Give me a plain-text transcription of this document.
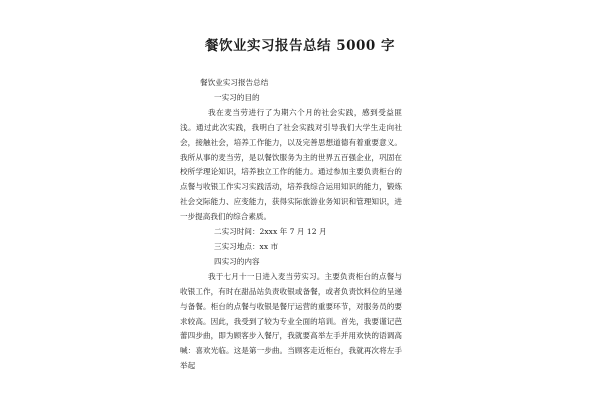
餐饮业实习报告总结 5000 字

餐饮业实习报告总结

一实习的目的

我在麦当劳进行了为期六个月的社会实践，感到受益匪浅。通过此次实践，我明白了社会实践对引导我们大学生走向社会，接触社会，培养工作能力，以及完善思想道德有着重要意义。我所从事的麦当劳，是以餐饮服务为主的世界五百强企业，巩固在校所学理论知识，培养独立工作的能力。通过参加主要负责柜台的点餐与收银工作实习实践活动，培养我综合运用知识的能力，锻炼社会交际能力、应变能力，获得实际旅游业务知识和管理知识，进一步提高我们的综合素质。

二实习时间：2xxx 年 7 月 12 月

三实习地点：xx 市

四实习的内容

我于七月十一日进入麦当劳实习。主要负责柜台的点餐与收银工作，有时在甜品站负责收银或备餐，或者负责饮料位的呈递与备餐。柜台的点餐与收银是餐厅运营的重要环节，对服务员的要求较高。因此，我受到了较为专业全面的培训。首先，我要谨记芭蕾四步曲，即为顾客步入餐厅，我就要高举左手并用欢快的语调高喊：喜欢光临。这是第一步曲。当顾客走近柜台，我就再次将左手举起
